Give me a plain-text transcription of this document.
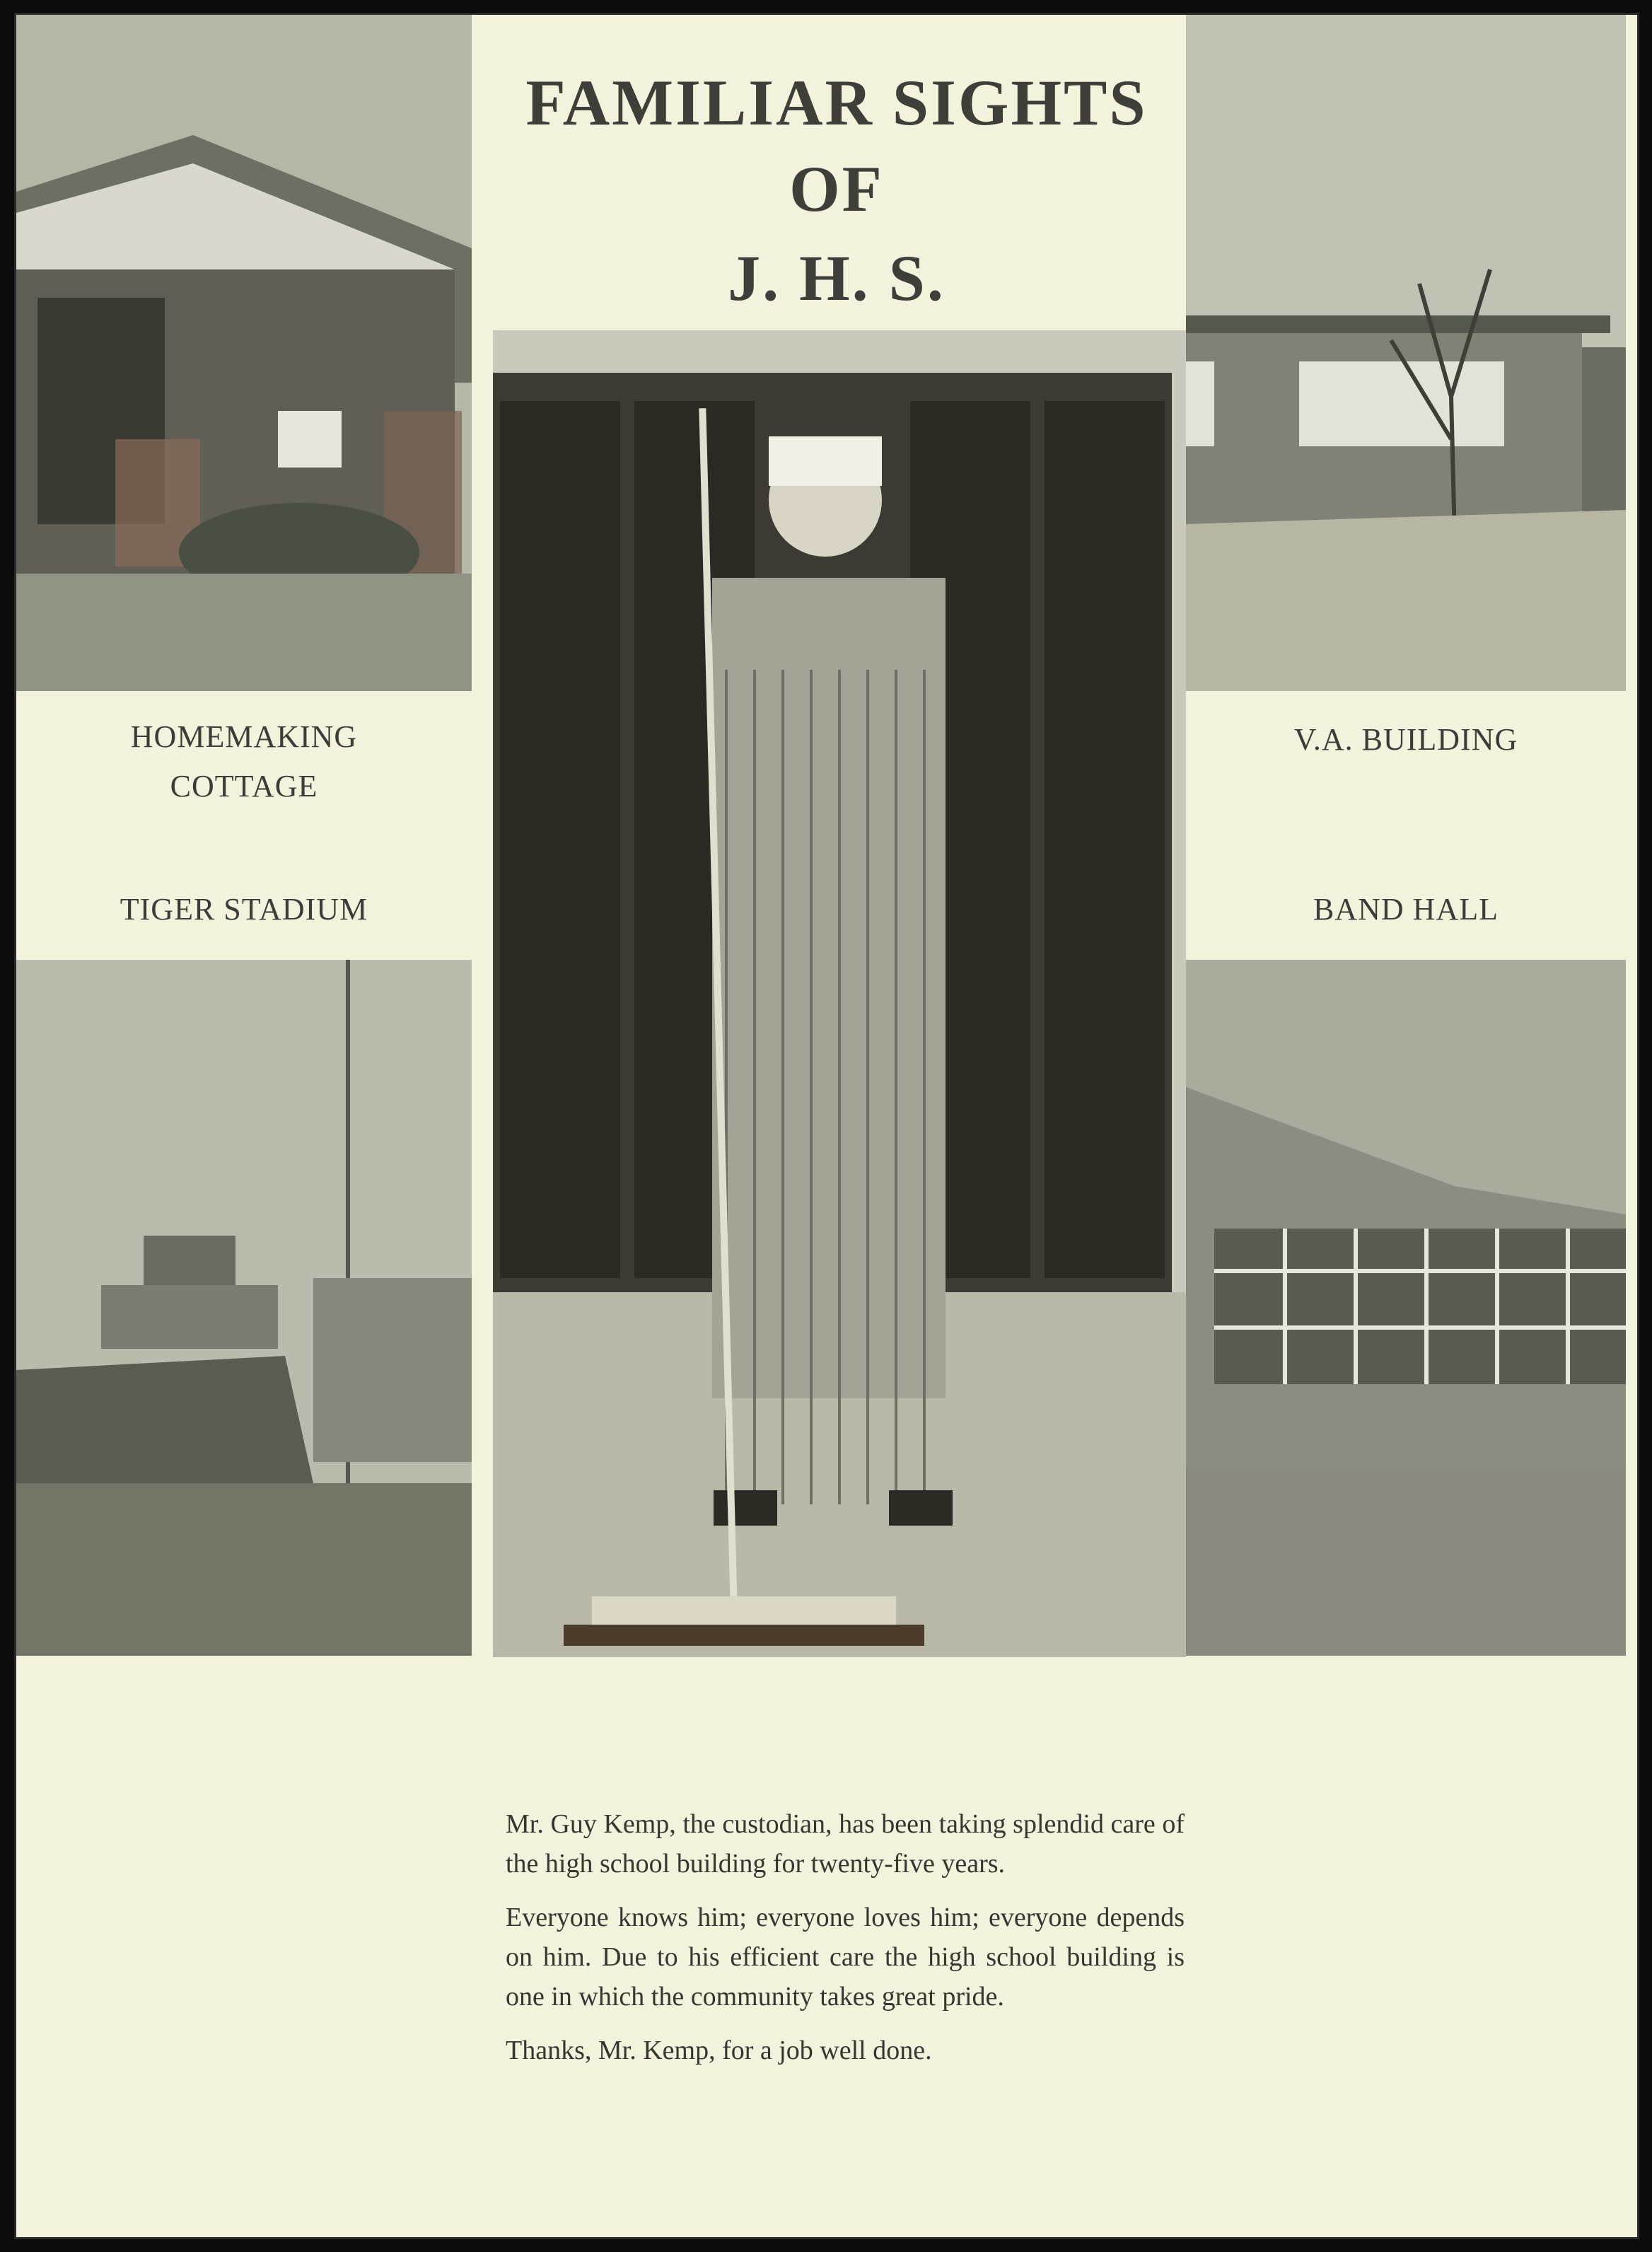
FAMILIAR SIGHTS
OF
J. H. S.
HOMEMAKING
COTTAGE
V.A. BUILDING
TIGER STADIUM	BAND HALL

Mr. Guy Kemp, the custodian, has been taking splendid care of the high school building for twenty-five years.

Everyone knows him; everyone loves him; everyone depends on him. Due to his efficient care the high school building is one in which the community takes great pride.

Thanks, Mr. Kemp, for a job well done.
